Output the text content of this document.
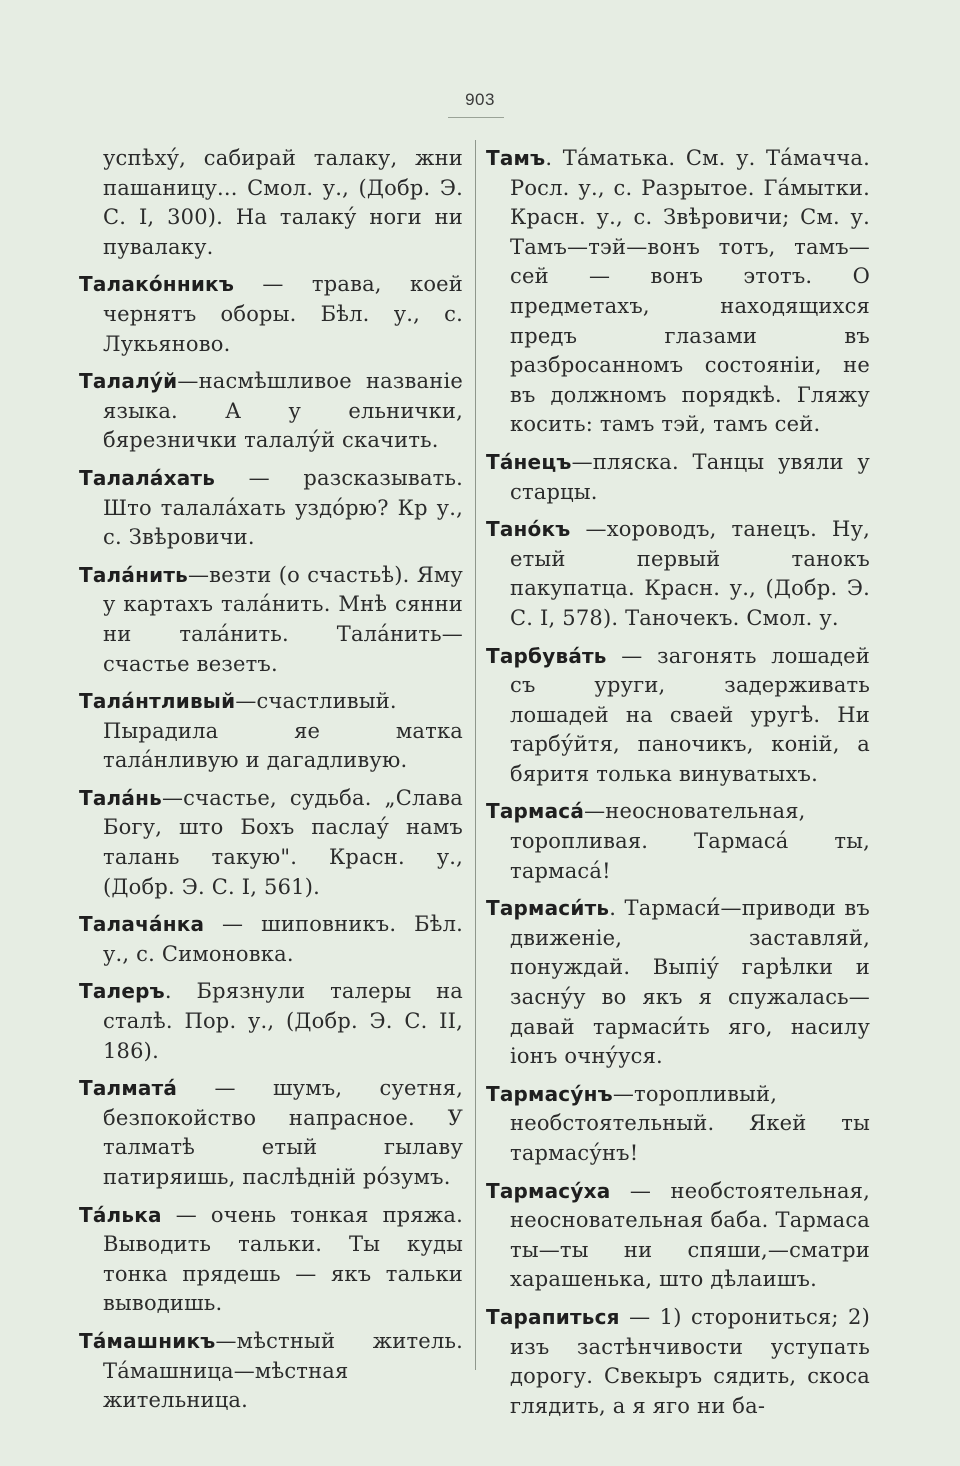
903

успѣху́, сабирай талаку, жни пашаницу... Смол. у., (Добр. Э. С. I, 300). На талаку́ ноги ни пувалаку.

Талако́нникъ — трава, коей чернятъ оборы. Бѣл. у., с. Лукьяново.

Талалу́й—насмѣшливое названіе языка. А у ельнички, бярезнички талалу́й скачить.

Талала́хать — разсказывать. Што талала́хать уздо́рю? Кр у., с. Звѣровичи.

Тала́нить—везти (о счастьѣ). Яму у картахъ тала́нить. Мнѣ сянни ни тала́нить. Тала́нить— счастье везетъ.

Тала́нтливый—счастливый. Пырадила яе матка тала́нливую и дагадливую.

Тала́нь—счастье, судьба. „Слава Богу, што Бохъ паслау́ намъ талань такую". Красн. у., (Добр. Э. С. I, 561).

Талача́нка — шиповникъ. Бѣл. у., с. Симоновка.

Талеръ. Брязнули талеры на сталѣ. Пор. у., (Добр. Э. С. II, 186).

Талмата́ — шумъ, суетня, безпокойство напрасное. У талматѣ етый гылаву патиряишь, паслѣдній ро́зумъ.

Та́лька — очень тонкая пряжа. Выводить тальки. Ты куды тонка прядешь — якъ тальки выводишь.

Та́машникъ—мѣстный житель. Та́машница—мѣстная жительница.

Тамъ. Та́матька. См. у. Та́мачча. Росл. у., с. Разрытое. Га́мытки. Красн. у., с. Звѣровичи; См. у. Тамъ—тэй—вонъ тотъ, тамъ—сей — вонъ этотъ. О предметахъ, находящихся предъ глазами въ разбросанномъ состояніи, не въ должномъ порядкѣ. Гляжу косить: тамъ тэй, тамъ сей.

Та́нецъ—пляска. Танцы увяли у старцы.

Тано́къ —хороводъ, танецъ. Ну, етый первый танокъ пакупатца. Красн. у., (Добр. Э. С. I, 578). Таночекъ. Смол. у.

Тарбува́ть — загонять лошадей съ уруги, задерживать лошадей на сваей уругѣ. Ни тарбу́йтя, паночикъ, коній, а бяритя толька винуватыхъ.

Тармаса́—неосновательная, торопливая. Тармаса́ ты, тармаса́!

Тармаси́ть. Тармаси́—приводи въ движеніе, заставляй, понуждай. Выпіу́ гарѣлки и засну́у во якъ я спужалась—давай тармаси́ть яго, насилу іонъ очну́уся.

Тармасу́нъ—торопливый, необстоятельный. Якей ты тармасу́нъ!

Тармасу́ха — необстоятельная, неосновательная баба. Тармаса ты—ты ни спяши,—сматри харашенька, што дѣлаишъ.

Тарапиться — 1) сторониться; 2) изъ застѣнчивости уступать дорогу. Свекыръ сядить, скоса глядить, а я яго ни ба-
